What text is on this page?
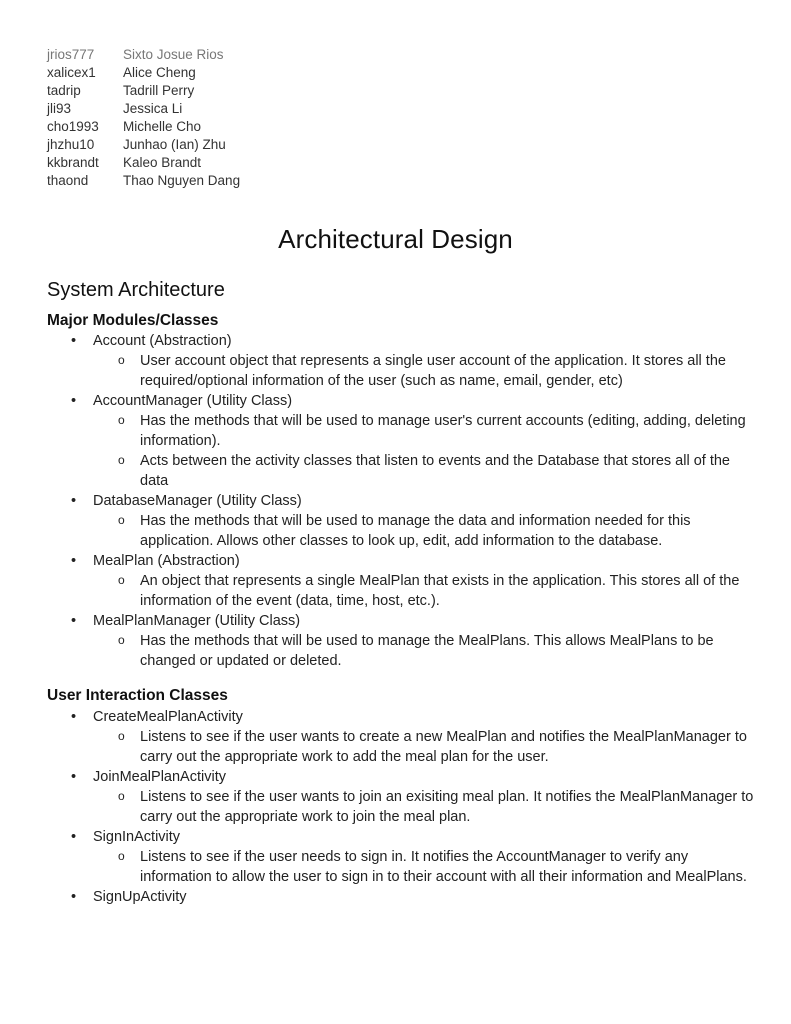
jrios777	Sixto Josue Rios
xalicex1	Alice Cheng
tadrip	Tadrill Perry
jli93	Jessica Li
cho1993	Michelle Cho
jhzhu10	Junhao (Ian) Zhu
kkbrandt	Kaleo Brandt
thaond	Thao Nguyen Dang
Architectural Design
System Architecture
Major Modules/Classes
• Account (Abstraction)
o User account object that represents a single user account of the application. It stores all the required/optional information of the user (such as name, email, gender, etc)
• AccountManager (Utility Class)
o Has the methods that will be used to manage user's current accounts (editing, adding, deleting information).
o Acts between the activity classes that listen to events and the Database that stores all of the data
• DatabaseManager (Utility Class)
o Has the methods that will be used to manage the data and information needed for this application. Allows other classes to look up, edit, add information to the database.
• MealPlan (Abstraction)
o An object that represents a single MealPlan that exists in the application. This stores all of the information of the event (data, time, host, etc.).
• MealPlanManager (Utility Class)
o Has the methods that will be used to manage the MealPlans. This allows MealPlans to be changed or updated or deleted.
User Interaction Classes
• CreateMealPlanActivity
o Listens to see if the user wants to create a new MealPlan and notifies the MealPlanManager to carry out the appropriate work to add the meal plan for the user.
• JoinMealPlanActivity
o Listens to see if the user wants to join an exisiting meal plan. It notifies the MealPlanManager to carry out the appropriate work to join the meal plan.
• SignInActivity
o Listens to see if the user needs to sign in. It notifies the AccountManager to verify any information to allow the user to sign in to their account with all their information and MealPlans.
• SignUpActivity
